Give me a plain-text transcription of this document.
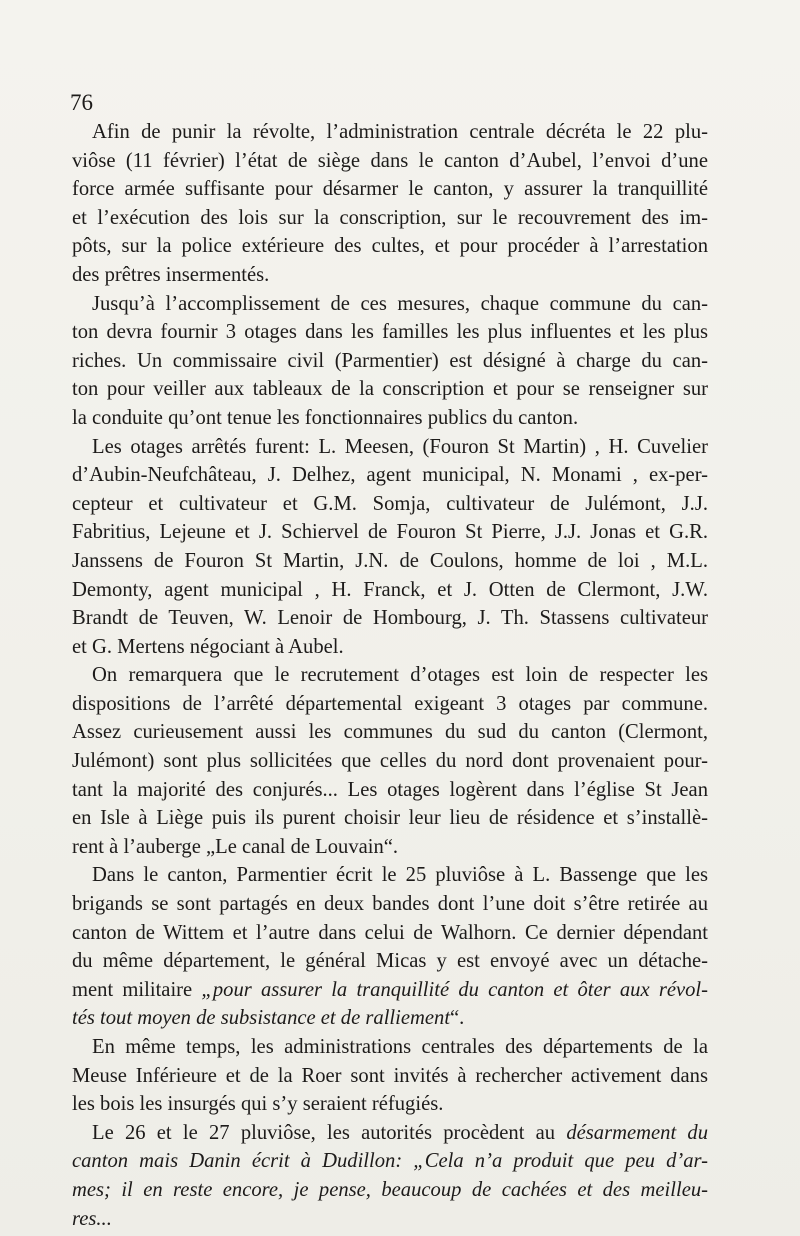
76

Afin de punir la révolte, l’administration centrale décréta le 22 plu-
viôse (11 février) l’état de siège dans le canton d’Aubel, l’envoi d’une
force armée suffisante pour désarmer le canton, y assurer la tranquillité
et l’exécution des lois sur la conscription, sur le recouvrement des im-
pôts, sur la police extérieure des cultes, et pour procéder à l’arrestation
des prêtres insermentés.

Jusqu’à l’accomplissement de ces mesures, chaque commune du can-
ton devra fournir 3 otages dans les familles les plus influentes et les plus
riches. Un commissaire civil (Parmentier) est désigné à charge du can-
ton pour veiller aux tableaux de la conscription et pour se renseigner sur
la conduite qu’ont tenue les fonctionnaires publics du canton.

Les otages arrêtés furent: L. Meesen, (Fouron St Martin) , H. Cuvelier
d’Aubin-Neufchâteau, J. Delhez, agent municipal, N. Monami , ex-per-
cepteur et cultivateur et G.M. Somja, cultivateur de Julémont, J.J.
Fabritius, Lejeune et J. Schiervel de Fouron St Pierre, J.J. Jonas et G.R.
Janssens de Fouron St Martin, J.N. de Coulons, homme de loi , M.L.
Demonty, agent municipal , H. Franck, et J. Otten de Clermont, J.W.
Brandt de Teuven, W. Lenoir de Hombourg, J. Th. Stassens cultivateur
et G. Mertens négociant à Aubel.

On remarquera que le recrutement d’otages est loin de respecter les
dispositions de l’arrêté départemental exigeant 3 otages par commune.
Assez curieusement aussi les communes du sud du canton (Clermont,
Julémont) sont plus sollicitées que celles du nord dont provenaient pour-
tant la majorité des conjurés... Les otages logèrent dans l’église St Jean
en Isle à Liège puis ils purent choisir leur lieu de résidence et s’installè-
rent à l’auberge „Le canal de Louvain“.

Dans le canton, Parmentier écrit le 25 pluviôse à L. Bassenge que les
brigands se sont partagés en deux bandes dont l’une doit s’être retirée au
canton de Wittem et l’autre dans celui de Walhorn. Ce dernier dépendant
du même département, le général Micas y est envoyé avec un détache-
ment militaire „pour assurer la tranquillité du canton et ôter aux révol-
tés tout moyen de subsistance et de ralliement“.

En même temps, les administrations centrales des départements de la
Meuse Inférieure et de la Roer sont invités à rechercher activement dans
les bois les insurgés qui s’y seraient réfugiés.

Le 26 et le 27 pluviôse, les autorités procèdent au désarmement du
canton mais Danin écrit à Dudillon: „Cela n’a produit que peu d’ar-
mes; il en reste encore, je pense, beaucoup de cachées et des meilleu-
res...
